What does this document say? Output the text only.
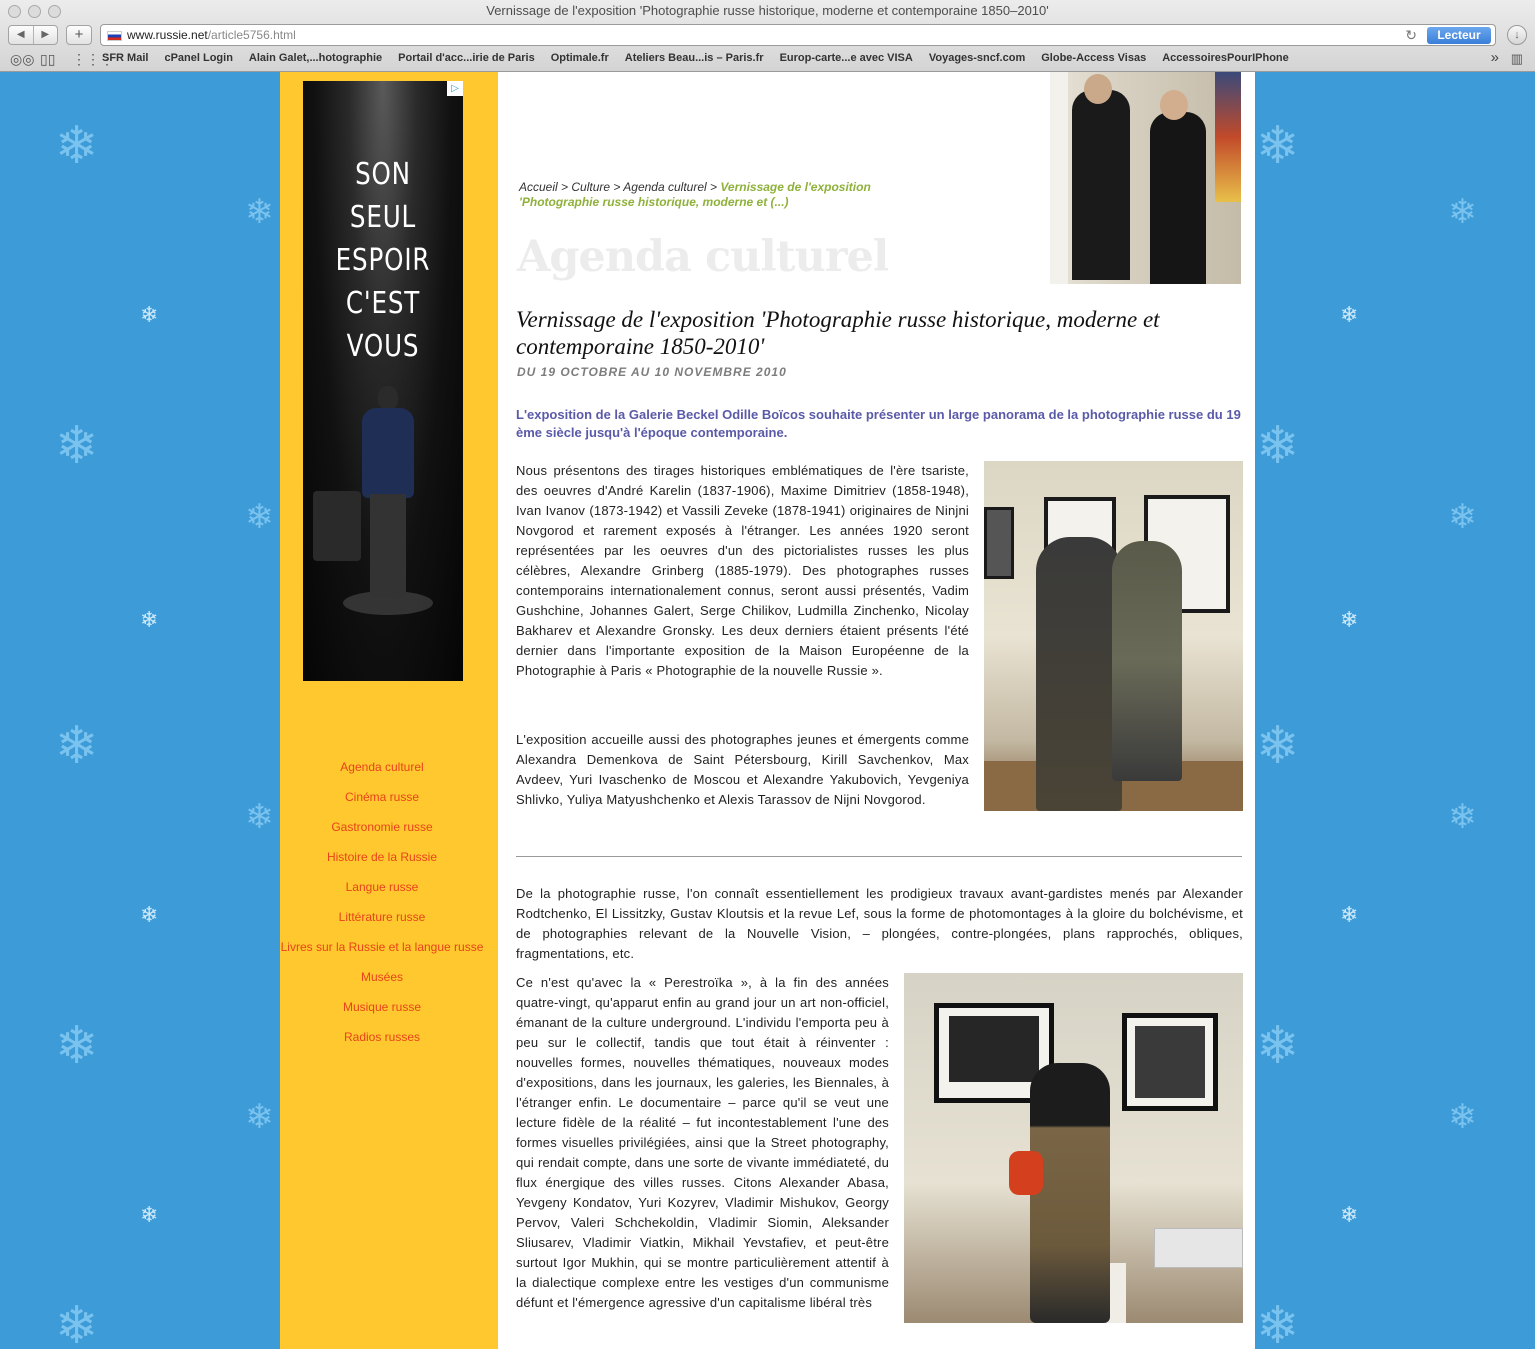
Vernissage de l'exposition 'Photographie russe historique, moderne et contemporaine 1850–2010'
◀	▶	+	www.russie.net/article5756.html	↻	Lecteur	↓
◎◎ ▯▯ ⋮⋮⋮
SFR Mail cPanel Login Alain Galet,...hotographie Portail d'acc...irie de Paris Optimale.fr Ateliers Beau...is – Paris.fr Europ-carte...e avec VISA Voyages-sncf.com Globe-Access Visas AccessoiresPourIPhone	» ▥
❄
❄
❄
❄
❄
❄
❄
❄
❄
❄
❄
❄
❄
❄
❄
❄
❄
❄
❄
❄
❄
❄
❄
❄
❄
❄
▷
SON
SEUL
ESPOIR
C'EST VOUS
Agenda culturel
Cinéma russe
Gastronomie russe
Histoire de la Russie
Langue russe
Littérature russe
Livres sur la Russie et la langue russe
Musées
Musique russe
Radios russes
Accueil > Culture > Agenda culturel > Vernissage de l'exposition 'Photographie russe historique, moderne et (...)
Agenda culturel
Vernissage de l'exposition 'Photographie russe historique, moderne et contemporaine 1850-2010'
DU 19 OCTOBRE AU 10 NOVEMBRE 2010
L'exposition de la Galerie Beckel Odille Boïcos souhaite présenter un large panorama de la photographie russe du 19 ème siècle jusqu'à l'époque contemporaine.
Nous présentons des tirages historiques emblématiques de l'ère tsariste, des oeuvres d'André Karelin (1837-1906), Maxime Dimitriev (1858-1948), Ivan Ivanov (1873-1942) et Vassili Zeveke (1878-1941) originaires de Ninjni Novgorod et rarement exposés à l'étranger. Les années 1920 seront représentées par les oeuvres d'un des pictorialistes russes les plus célèbres, Alexandre Grinberg (1885-1979). Des photographes russes contemporains internationalement connus, seront aussi présentés, Vadim Gushchine, Johannes Galert, Serge Chilikov, Ludmilla Zinchenko, Nicolay Bakharev et Alexandre Gronsky. Les deux derniers étaient présents l'été dernier dans l'importante exposition de la Maison Européenne de la Photographie à Paris « Photographie de la nouvelle Russie ».
L'exposition accueille aussi des photographes jeunes et émergents comme Alexandra Demenkova de Saint Pétersbourg, Kirill Savchenkov, Max Avdeev, Yuri Ivaschenko de Moscou et Alexandre Yakubovich, Yevgeniya Shlivko, Yuliya Matyushchenko et Alexis Tarassov de Nijni Novgorod.
De la photographie russe, l'on connaît essentiellement les prodigieux travaux avant-gardistes menés par Alexander Rodtchenko, El Lissitzky, Gustav Kloutsis et la revue Lef, sous la forme de photomontages à la gloire du bolchévisme, et de photographies relevant de la Nouvelle Vision, – plongées, contre-plongées, plans rapprochés, obliques, fragmentations, etc.
Ce n'est qu'avec la « Perestroïka », à la fin des années quatre-vingt, qu'apparut enfin au grand jour un art non-officiel, émanant de la culture underground. L'individu l'emporta peu à peu sur le collectif, tandis que tout était à réinventer : nouvelles formes, nouvelles thématiques, nouveaux modes d'expositions, dans les journaux, les galeries, les Biennales, à l'étranger enfin. Le documentaire – parce qu'il se veut une lecture fidèle de la réalité – fut incontestablement l'une des formes visuelles privilégiées, ainsi que la Street photography, qui rendait compte, dans une sorte de vivante immédiateté, du flux énergique des villes russes. Citons Alexander Abasa, Yevgeny Kondatov, Yuri Kozyrev, Vladimir Mishukov, Georgy Pervov, Valeri Schchekoldin, Vladimir Siomin, Aleksander Sliusarev, Vladimir Viatkin, Mikhail Yevstafiev, et peut-être surtout Igor Mukhin, qui se montre particulièrement attentif à la dialectique complexe entre les vestiges d'un communisme défunt et l'émergence agressive d'un capitalisme libéral très
